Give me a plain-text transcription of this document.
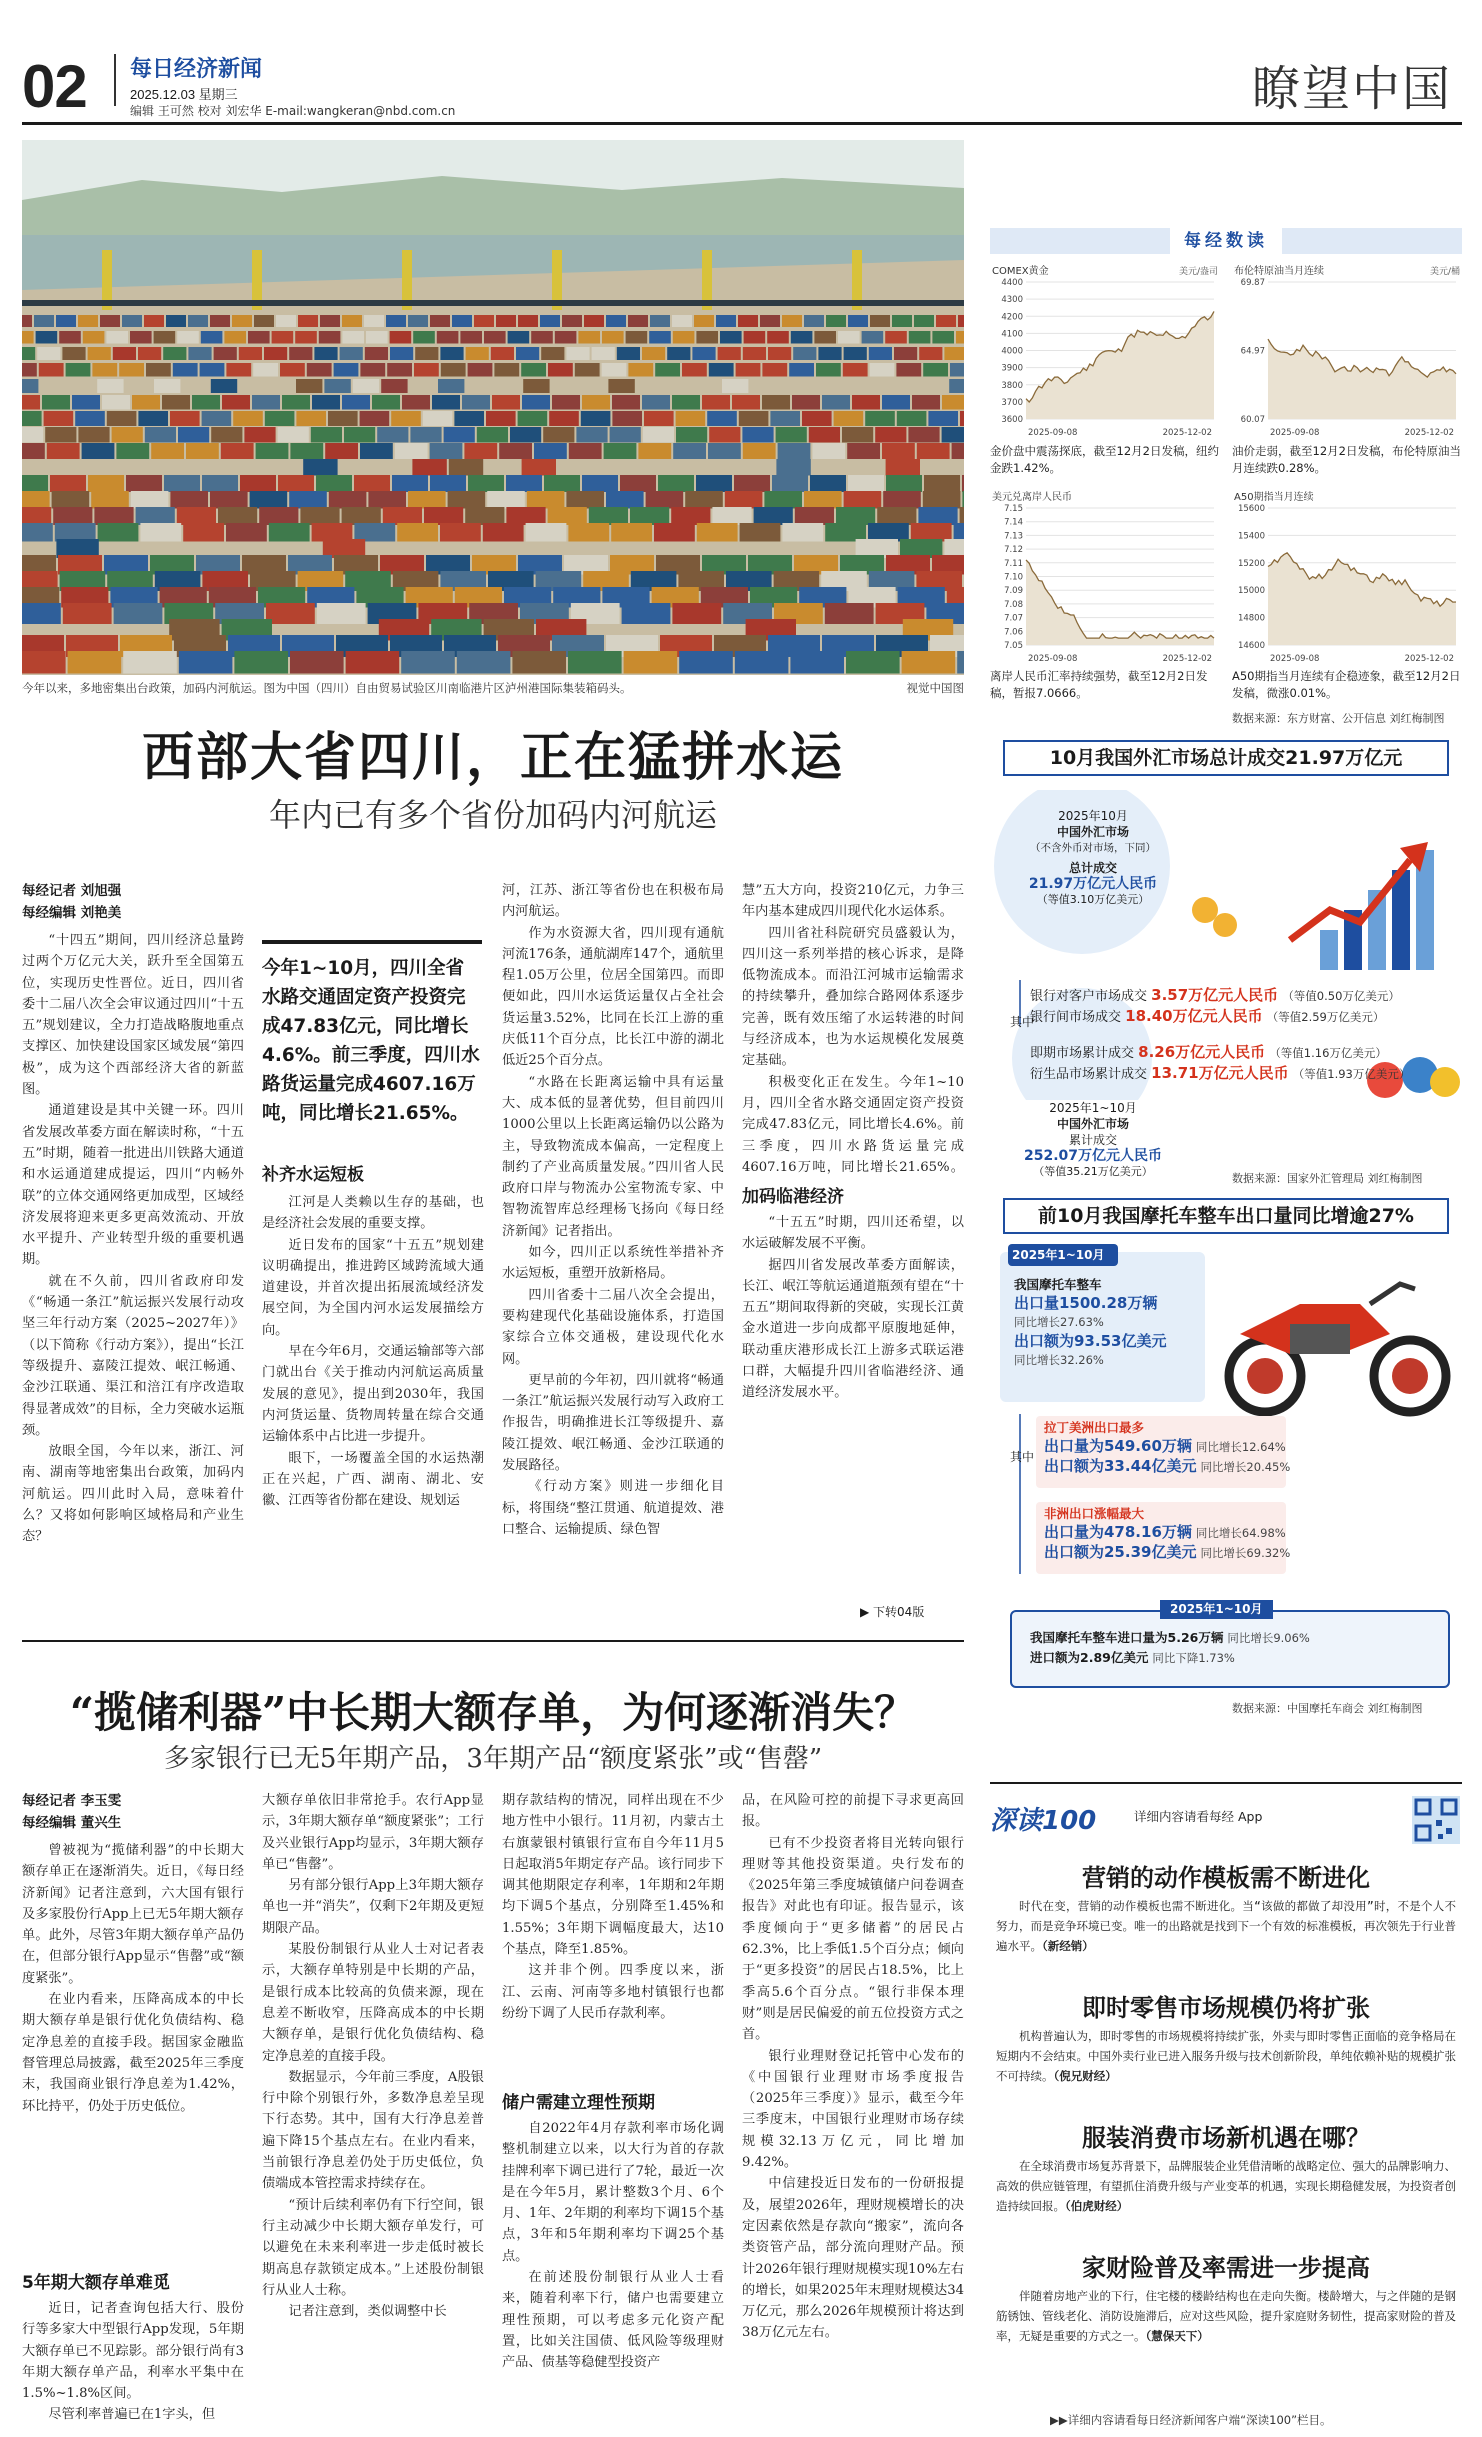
02 每日经济新闻
2025.12.03 星期三
编辑 王可然 校对 刘宏华 E-mail:wangkeran@nbd.com.cn	瞭望中国
今年以来，多地密集出台政策，加码内河航运。图为中国（四川）自由贸易试验区川南临港片区泸州港国际集装箱码头。	视觉中国图
西部大省四川，正在猛拼水运
年内已有多个省份加码内河航运
每经记者 刘旭强
每经编辑 刘艳美

“十四五”期间，四川经济总量跨过两个万亿元大关，跃升至全国第五位，实现历史性晋位。近日，四川省委十二届八次全会审议通过四川“十五五”规划建议，全力打造战略腹地重点支撑区、加快建设国家区域发展“第四极”，成为这个西部经济大省的新蓝图。

通道建设是其中关键一环。四川省发展改革委方面在解读时称，“十五五”时期，随着一批进出川铁路大通道和水运通道建成提运，四川“内畅外联”的立体交通网络更加成型，区域经济发展将迎来更多更高效流动、开放水平提升、产业转型升级的重要机遇期。

就在不久前，四川省政府印发《“畅通一条江”航运振兴发展行动攻坚三年行动方案（2025~2027年）》（以下简称《行动方案》），提出“长江等级提升、嘉陵江提效、岷江畅通、金沙江联通、渠江和涪江有序改造取得显著成效”的目标，全力突破水运瓶颈。

放眼全国，今年以来，浙江、河南、湖南等地密集出台政策，加码内河航运。四川此时入局，意味着什么？又将如何影响区域格局和产业生态？

今年1~10月，四川全省水路交通固定资产投资完成47.83亿元，同比增长4.6%。前三季度，四川水路货运量完成4607.16万吨，同比增长21.65%。
补齐水运短板

江河是人类赖以生存的基础，也是经济社会发展的重要支撑。

近日发布的国家“十五五”规划建议明确提出，推进跨区域跨流域大通道建设，并首次提出拓展流域经济发展空间，为全国内河水运发展描绘方向。

早在今年6月，交通运输部等六部门就出台《关于推动内河航运高质量发展的意见》，提出到2030年，我国内河货运量、货物周转量在综合交通运输体系中占比进一步提升。

眼下，一场覆盖全国的水运热潮正在兴起，广西、湖南、湖北、安徽、江西等省份都在建设、规划运

河，江苏、浙江等省份也在积极布局内河航运。

作为水资源大省，四川现有通航河流176条，通航湖库147个，通航里程1.05万公里，位居全国第四。而即便如此，四川水运货运量仅占全社会货运量3.52%，比同在长江上游的重庆低11个百分点，比长江中游的湖北低近25个百分点。

“水路在长距离运输中具有运量大、成本低的显著优势，但目前四川1000公里以上长距离运输仍以公路为主，导致物流成本偏高，一定程度上制约了产业高质量发展。”四川省人民政府口岸与物流办公室物流专家、中智物流智库总经理杨飞扬向《每日经济新闻》记者指出。

如今，四川正以系统性举措补齐水运短板，重塑开放新格局。

四川省委十二届八次全会提出，要构建现代化基础设施体系，打造国家综合立体交通极，建设现代化水网。

更早前的今年初，四川就将“畅通一条江”航运振兴发展行动写入政府工作报告，明确推进长江等级提升、嘉陵江提效、岷江畅通、金沙江联通的发展路径。

《行动方案》则进一步细化目标，将围绕“整江贯通、航道提效、港口整合、运输提质、绿色智

慧”五大方向，投资210亿元，力争三年内基本建成四川现代化水运体系。

四川省社科院研究员盛毅认为，四川这一系列举措的核心诉求，是降低物流成本。而沿江河城市运输需求的持续攀升，叠加综合路网体系逐步完善，既有效压缩了水运转港的时间与经济成本，也为水运规模化发展奠定基础。

积极变化正在发生。今年1~10月，四川全省水路交通固定资产投资完成47.83亿元，同比增长4.6%。前三季度，四川水路货运量完成4607.16万吨，同比增长21.65%。

加码临港经济

“十五五”时期，四川还希望，以水运破解发展不平衡。

据四川省发展改革委方面解读，长江、岷江等航运通道瓶颈有望在“十五五”期间取得新的突破，实现长江黄金水道进一步向成都平原腹地延伸，联动重庆港形成长江上游多式联运港口群，大幅提升四川省临港经济、通道经济发展水平。

▶ 下转04版
“揽储利器”中长期大额存单，为何逐渐消失？
多家银行已无5年期产品，3年期产品“额度紧张”或“售罄”
每经记者 李玉雯
每经编辑 董兴生

曾被视为“揽储利器”的中长期大额存单正在逐渐消失。近日，《每日经济新闻》记者注意到，六大国有银行及多家股份行App上已无5年期大额存单。此外，尽管3年期大额存单产品仍在，但部分银行App显示“售罄”或“额度紧张”。

在业内看来，压降高成本的中长期大额存单是银行优化负债结构、稳定净息差的直接手段。据国家金融监督管理总局披露，截至2025年三季度末，我国商业银行净息差为1.42%，环比持平，仍处于历史低位。

5年期大额存单难觅

近日，记者查询包括大行、股份行等多家大中型银行App发现，5年期大额存单已不见踪影。部分银行尚有3年期大额存单产品，利率水平集中在1.5%~1.8%区间。

尽管利率普遍已在1字头，但

大额存单依旧非常抢手。农行App显示，3年期大额存单“额度紧张”；工行及兴业银行App均显示，3年期大额存单已“售罄”。

另有部分银行App上3年期大额存单也一并“消失”，仅剩下2年期及更短期限产品。

某股份制银行从业人士对记者表示，大额存单特别是中长期的产品，是银行成本比较高的负债来源，现在息差不断收窄，压降高成本的中长期大额存单，是银行优化负债结构、稳定净息差的直接手段。

数据显示，今年前三季度，A股银行中除个别银行外，多数净息差呈现下行态势。其中，国有大行净息差普遍下降15个基点左右。在业内看来，当前银行净息差仍处于历史低位，负债端成本管控需求持续存在。

“预计后续利率仍有下行空间，银行主动减少中长期大额存单发行，可以避免在未来利率进一步走低时被长期高息存款锁定成本。”上述股份制银行从业人士称。

记者注意到，类似调整中长

期存款结构的情况，同样出现在不少地方性中小银行。11月初，内蒙古土右旗蒙银村镇银行宣布自今年11月5日起取消5年期定存产品。该行同步下调其他期限定存利率，1年期和2年期均下调5个基点，分别降至1.45%和1.55%；3年期下调幅度最大，达10个基点，降至1.85%。

这并非个例。四季度以来，浙江、云南、河南等多地村镇银行也都纷纷下调了人民币存款利率。

储户需建立理性预期

自2022年4月存款利率市场化调整机制建立以来，以大行为首的存款挂牌利率下调已进行了7轮，最近一次是在今年5月，累计整数3个月、6个月、1年、2年期的利率均下调15个基点，3年和5年期利率均下调25个基点。

在前述股份制银行从业人士看来，随着利率下行，储户也需要建立理性预期，可以考虑多元化资产配置，比如关注国债、低风险等级理财产品、债基等稳健型投资产

品，在风险可控的前提下寻求更高回报。

已有不少投资者将目光转向银行理财等其他投资渠道。央行发布的《2025年第三季度城镇储户问卷调查报告》对此也有印证。报告显示，该季度倾向于“更多储蓄”的居民占62.3%，比上季低1.5个百分点；倾向于“更多投资”的居民占18.5%，比上季高5.6个百分点。“银行非保本理财”则是居民偏爱的前五位投资方式之首。

银行业理财登记托管中心发布的《中国银行业理财市场季度报告（2025年三季度）》显示，截至今年三季度末，中国银行业理财市场存续规模32.13万亿元，同比增加9.42%。

中信建投近日发布的一份研报提及，展望2026年，理财规模增长的决定因素依然是存款向“搬家”，流向各类资管产品，部分流向理财产品。预计2026年银行理财规模实现10%左右的增长，如果2025年末理财规模达34万亿元，那么2026年规模预计将达到38万亿元左右。

每经数读
COMEX黄金	美元/盎司
4400
4300
4200
4100
4000
3900
3800
3700
3600
2025-09-08	2025-12-02
金价盘中震荡探底，截至12月2日发稿，纽约金跌1.42%。
布伦特原油当月连续	美元/桶
69.87
64.97
60.07
2025-09-08	2025-12-02
油价走弱，截至12月2日发稿，布伦特原油当月连续跌0.28%。
美元兑离岸人民币
7.15
7.14
7.13
7.12
7.11
7.10
7.09
7.08
7.07
7.06
7.05
2025-09-08	2025-12-02
离岸人民币汇率持续强势，截至12月2日发稿，暂报7.0666。
A50期指当月连续
15600
15400
15200
15000
14800
14600
2025-09-08	2025-12-02
A50期指当月连续有企稳迹象，截至12月2日发稿，微涨0.01%。
数据来源：东方财富、公开信息 刘红梅制图
10月我国外汇市场总计成交21.97万亿元
2025年10月
中国外汇市场
（不含外币对市场，下同）
总计成交
21.97万亿元人民币
（等值3.10万亿美元）
其中
银行对客户市场成交 3.57万亿元人民币 （等值0.50万亿美元）
银行间市场成交 18.40万亿元人民币 （等值2.59万亿美元）
即期市场累计成交 8.26万亿元人民币 （等值1.16万亿美元）
衍生品市场累计成交 13.71万亿元人民币 （等值1.93万亿美元）
2025年1~10月
中国外汇市场
累计成交
252.07万亿元人民币
（等值35.21万亿美元）
数据来源：国家外汇管理局 刘红梅制图
前10月我国摩托车整车出口量同比增逾27%
2025年1~10月
我国摩托车整车
出口量1500.28万辆
同比增长27.63%
出口额为93.53亿美元
同比增长32.26%
其中
拉丁美洲出口最多
出口量为549.60万辆 同比增长12.64%
出口额为33.44亿美元 同比增长20.45%
非洲出口涨幅最大
出口量为478.16万辆 同比增长64.98%
出口额为25.39亿美元 同比增长69.32%
2025年1~10月
我国摩托车整车进口量为5.26万辆 同比增长9.06%
进口额为2.89亿美元 同比下降1.73%
数据来源：中国摩托车商会 刘红梅制图
深读100	详细内容请看每经 App
营销的动作模板需不断进化

时代在变，营销的动作模板也需不断进化。当“该做的都做了却没用”时，不是个人不努力，而是竞争环境已变。唯一的出路就是找到下一个有效的标准模板，再次领先于行业普遍水平。（新经销）

即时零售市场规模仍将扩张

机构普遍认为，即时零售的市场规模将持续扩张，外卖与即时零售正面临的竞争格局在短期内不会结束。中国外卖行业已进入服务升级与技术创新阶段，单纯依赖补贴的规模扩张不可持续。（倪兄财经）

服装消费市场新机遇在哪？

在全球消费市场复苏背景下，品牌服装企业凭借清晰的战略定位、强大的品牌影响力、高效的供应链管理，有望抓住消费升级与产业变革的机遇，实现长期稳健发展，为投资者创造持续回报。（伯虎财经）

家财险普及率需进一步提高

伴随着房地产业的下行，住宅楼的楼龄结构也在走向失衡。楼龄增大，与之伴随的是钢筋锈蚀、管线老化、消防设施滞后，应对这些风险，提升家庭财务韧性，提高家财险的普及率，无疑是重要的方式之一。（慧保天下）

▶▶详细内容请看每日经济新闻客户端“深读100”栏目。
